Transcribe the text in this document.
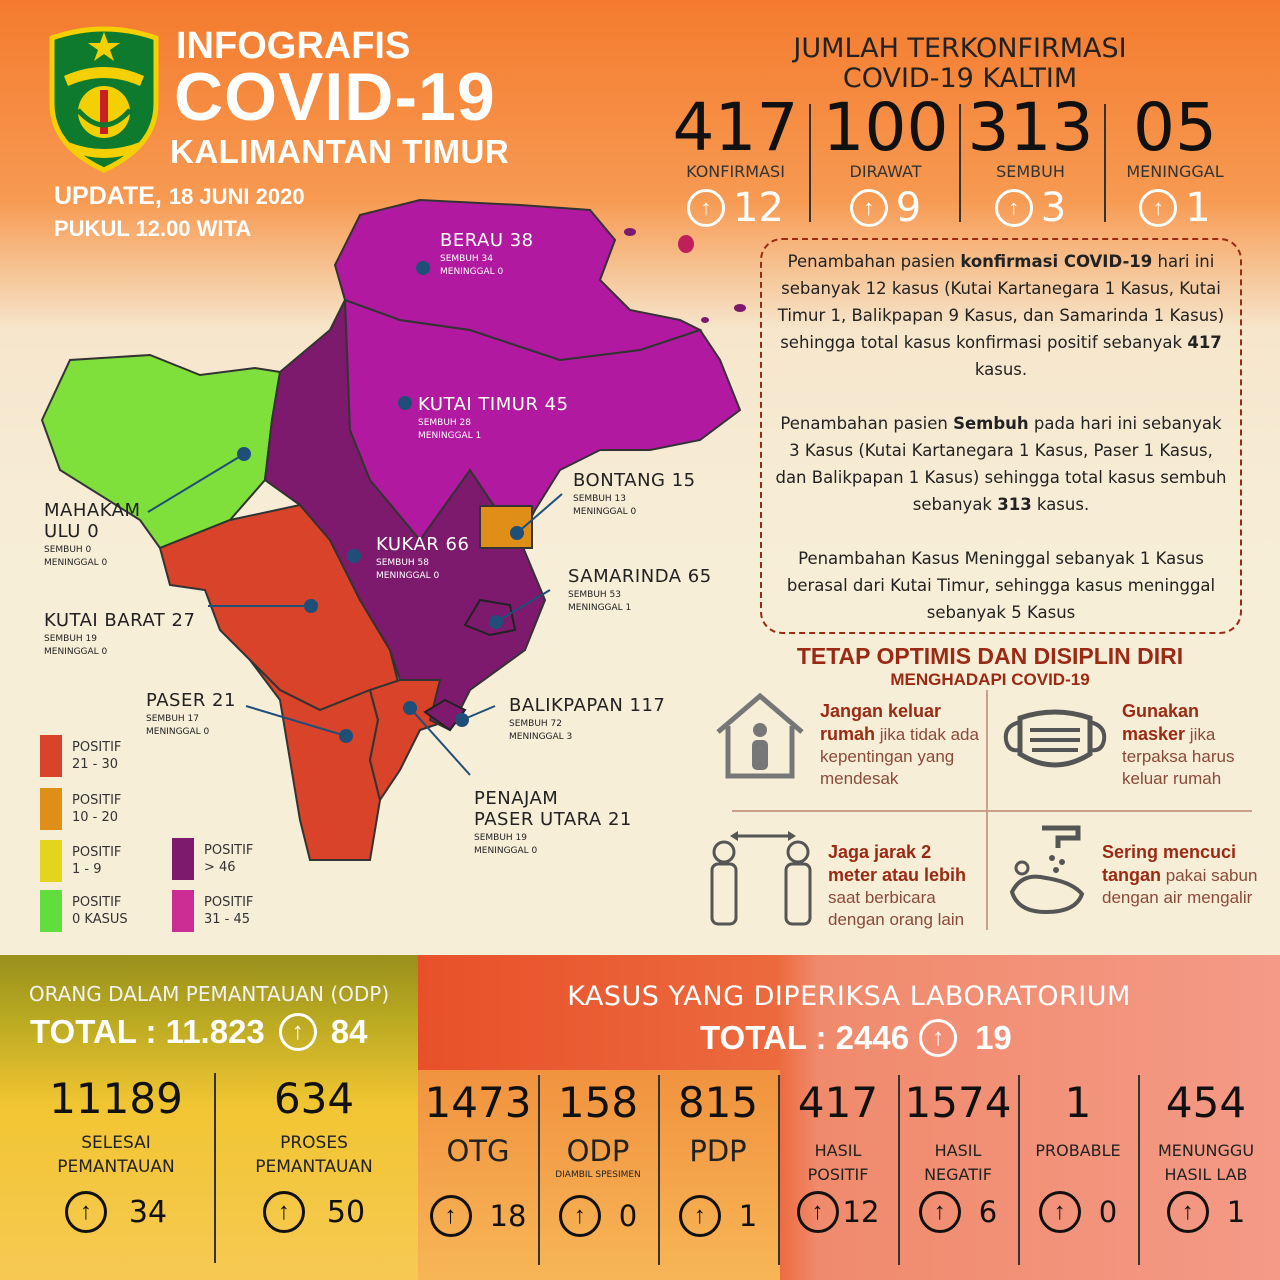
INFOGRAFIS
COVID-19
KALIMANTAN TIMUR
UPDATE, 18 JUNI 2020
PUKUL 12.00 WITA
JUMLAH TERKONFIRMASI
COVID-19 KALTIM

Penambahan pasien konfirmasi COVID-19 hari ini sebanyak 12 kasus (Kutai Kartanegara 1 Kasus, Kutai Timur 1, Balikpapan 9 Kasus, dan Samarinda 1 Kasus) sehingga total kasus konfirmasi positif sebanyak 417 kasus.

Penambahan pasien Sembuh pada hari ini sebanyak 3 Kasus (Kutai Kartanegara 1 Kasus, Paser 1 Kasus, dan Balikpapan 1 Kasus) sehingga total kasus sembuh sebanyak 313 kasus.

Penambahan Kasus Meninggal sebanyak 1 Kasus berasal dari Kutai Timur, sehingga kasus meninggal sebanyak 5 Kasus

BERAU 38
SEMBUH 34
MENINGGAL 0
KUTAI TIMUR 45
SEMBUH 28
MENINGGAL 1
BONTANG 15
SEMBUH 13
MENINGGAL 0
KUKAR 66
SEMBUH 58
MENINGGAL 0	SAMARINDA 65
SEMBUH 53
MENINGGAL 1
BALIKPAPAN 117
SEMBUH 72
MENINGGAL 3
KUTAI BARAT 27
SEMBUH 19
MENINGGAL 0
PASER 21
SEMBUH 17
MENINGGAL 0
MAHAKAM
ULU 0
SEMBUH 0
MENINGGAL 0
PENAJAM
PASER UTARA 21
SEMBUH 19
MENINGGAL 0
POSITIF
21 - 30
POSITIF
10 - 20
POSITIF
1 - 9
POSITIF
0 KASUS
POSITIF
> 46
POSITIF
31 - 45
TETAP OPTIMIS DAN DISIPLIN DIRI
MENGHADAPI COVID-19
Jangan keluar rumah jika tidak ada kepentingan yang mendesak
Gunakan masker jika terpaksa harus keluar rumah
Jaga jarak 2 meter atau lebih saat berbicara dengan orang lain
Sering mencuci tangan pakai sabun dengan air mengalir
ORANG DALAM PEMANTAUAN (ODP)
TOTAL : 11.823	↑ 84
11189
SELESAI
PEMANTAUAN
↑	34
634
PROSES
PEMANTAUAN
↑	50
KASUS YANG DIPERIKSA LABORATORIUM
TOTAL : 2446 ↑ 19
1473
OTG
↑	18
158
ODP
DIAMBIL SPESIMEN
↑	0
815
PDP
↑	1
417
HASIL
POSITIF
↑ 12
1574
HASIL
NEGATIF
↑	6
1
PROBABLE
↑	0
454
MENUNGGU
HASIL LAB
↑	1
417
KONFIRMASI
↑ 12
100
DIRAWAT
↑ 9
313
SEMBUH
↑ 3
05
MENINGGAL
↑ 1
